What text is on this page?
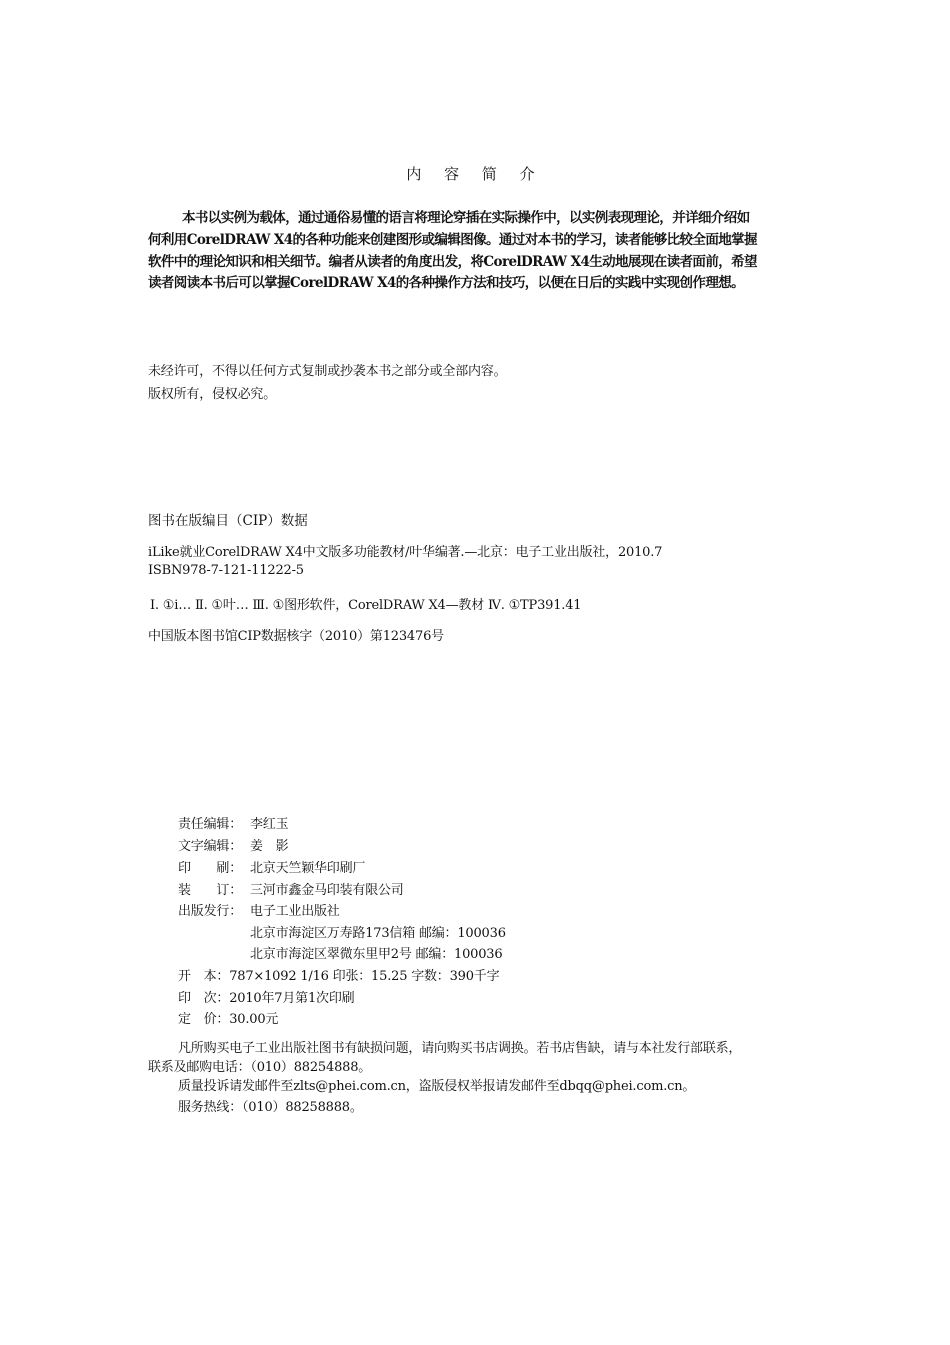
内 容 简 介
本书以实例为载体，通过通俗易懂的语言将理论穿插在实际操作中，以实例表现理论，并详细介绍如
何利用CorelDRAW X4的各种功能来创建图形或编辑图像。通过对本书的学习，读者能够比较全面地掌握
软件中的理论知识和相关细节。编者从读者的角度出发，将CorelDRAW X4生动地展现在读者面前，希望
读者阅读本书后可以掌握CorelDRAW X4的各种操作方法和技巧，以便在日后的实践中实现创作理想。
未经许可，不得以任何方式复制或抄袭本书之部分或全部内容。
版权所有，侵权必究。
图书在版编目（CIP）数据
iLike就业CorelDRAW X4中文版多功能教材/叶华编著.—北京：电子工业出版社，2010.7
ISBN978-7-121-11222-5
Ⅰ. ①i… Ⅱ. ①叶… Ⅲ. ①图形软件，CorelDRAW X4—教材 Ⅳ. ①TP391.41
中国版本图书馆CIP数据核字（2010）第123476号
责任编辑： 李红玉
文字编辑： 姜　影
印　　刷： 北京天竺颖华印刷厂
装　　订： 三河市鑫金马印装有限公司
出版发行： 电子工业出版社
北京市海淀区万寿路173信箱 邮编：100036
北京市海淀区翠微东里甲2号 邮编：100036
开　本：787×1092 1/16 印张：15.25 字数：390千字
印　次：2010年7月第1次印刷
定　价：30.00元
凡所购买电子工业出版社图书有缺损问题，请向购买书店调换。若书店售缺，请与本社发行部联系，
联系及邮购电话：（010）88254888。
质量投诉请发邮件至zlts@phei.com.cn，盗版侵权举报请发邮件至dbqq@phei.com.cn。
服务热线：（010）88258888。
